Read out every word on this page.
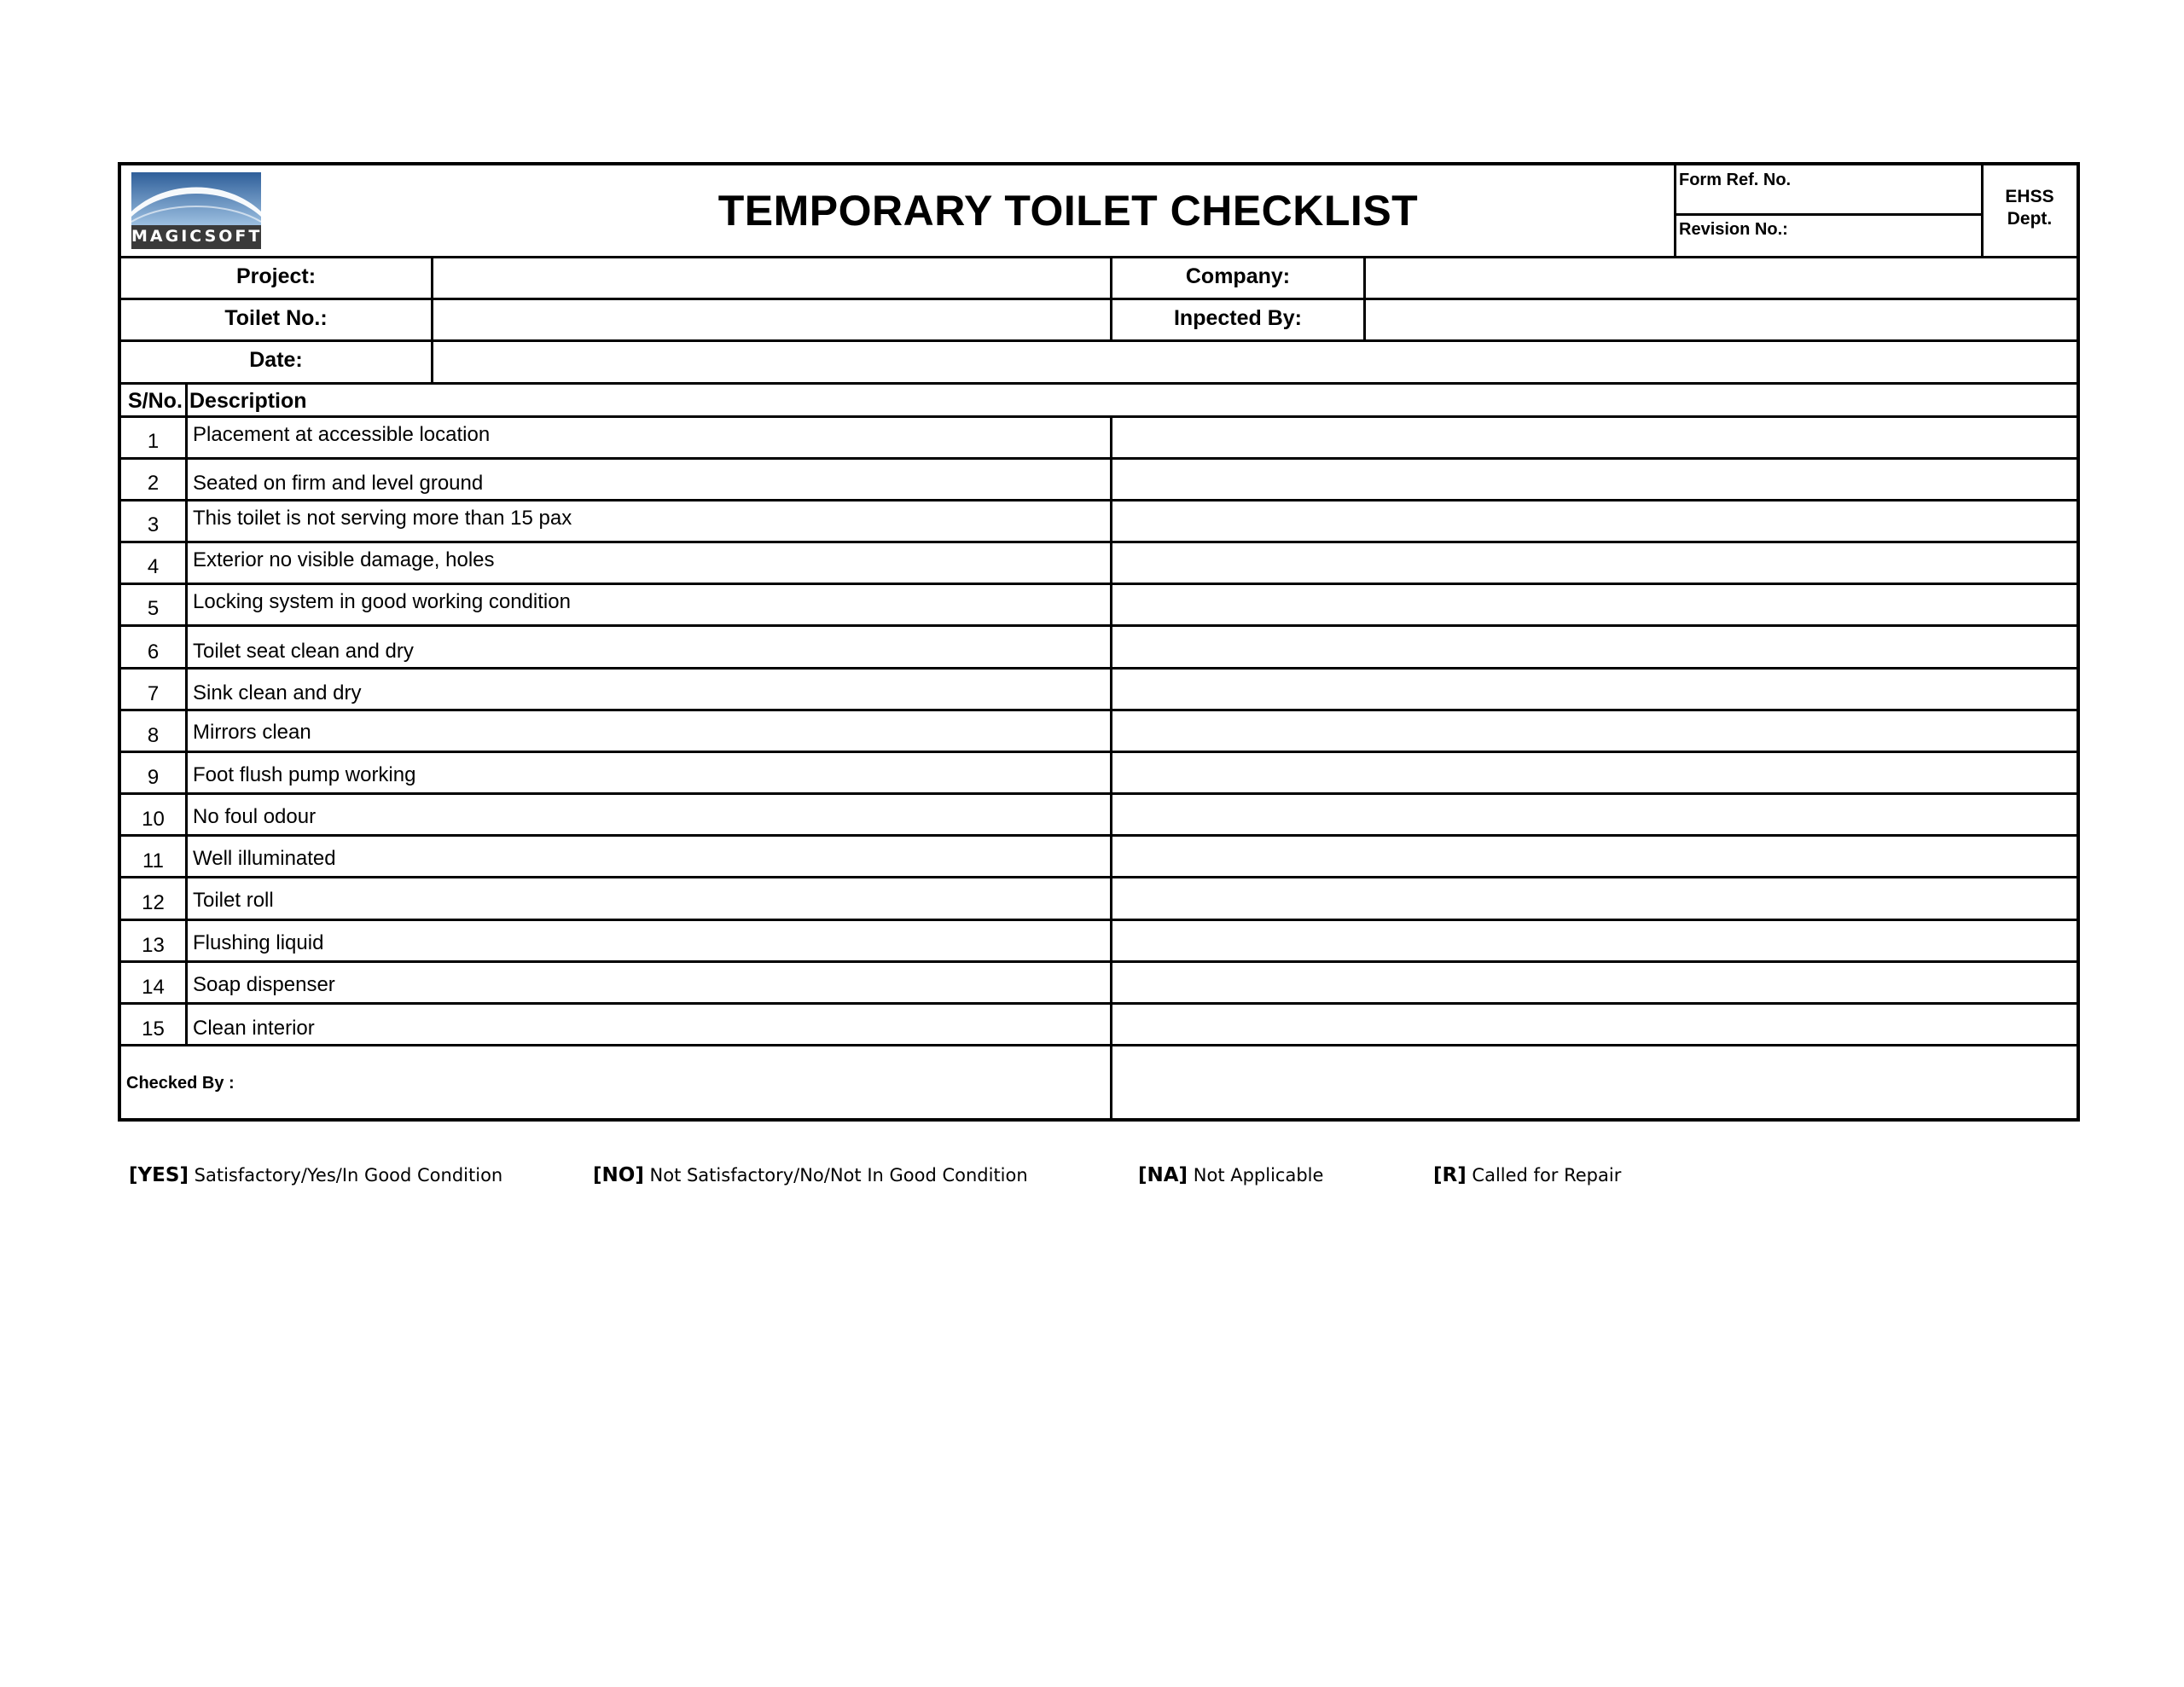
MAGICSOFT
TEMPORARY TOILET CHECKLIST
Form Ref. No.
Revision No.:
EHSS
Dept.
Project:	Company:
Toilet No.:	Inpected By:
Date:
S/No. Description
1	Placement at accessible location
2	Seated on firm and level ground
3	This toilet is not serving more than 15 pax
4	Exterior no visible damage, holes
5	Locking system in good working condition
6	Toilet seat clean and dry
7	Sink clean and dry
8	Mirrors clean
9	Foot flush pump working
10	No foul odour
11	Well illuminated
12	Toilet roll
13	Flushing liquid
14	Soap dispenser
15	Clean interior
Checked By :
[YES] Satisfactory/Yes/In Good Condition	[NO] Not Satisfactory/No/Not In Good Condition	[NA] Not Applicable	[R] Called for Repair
